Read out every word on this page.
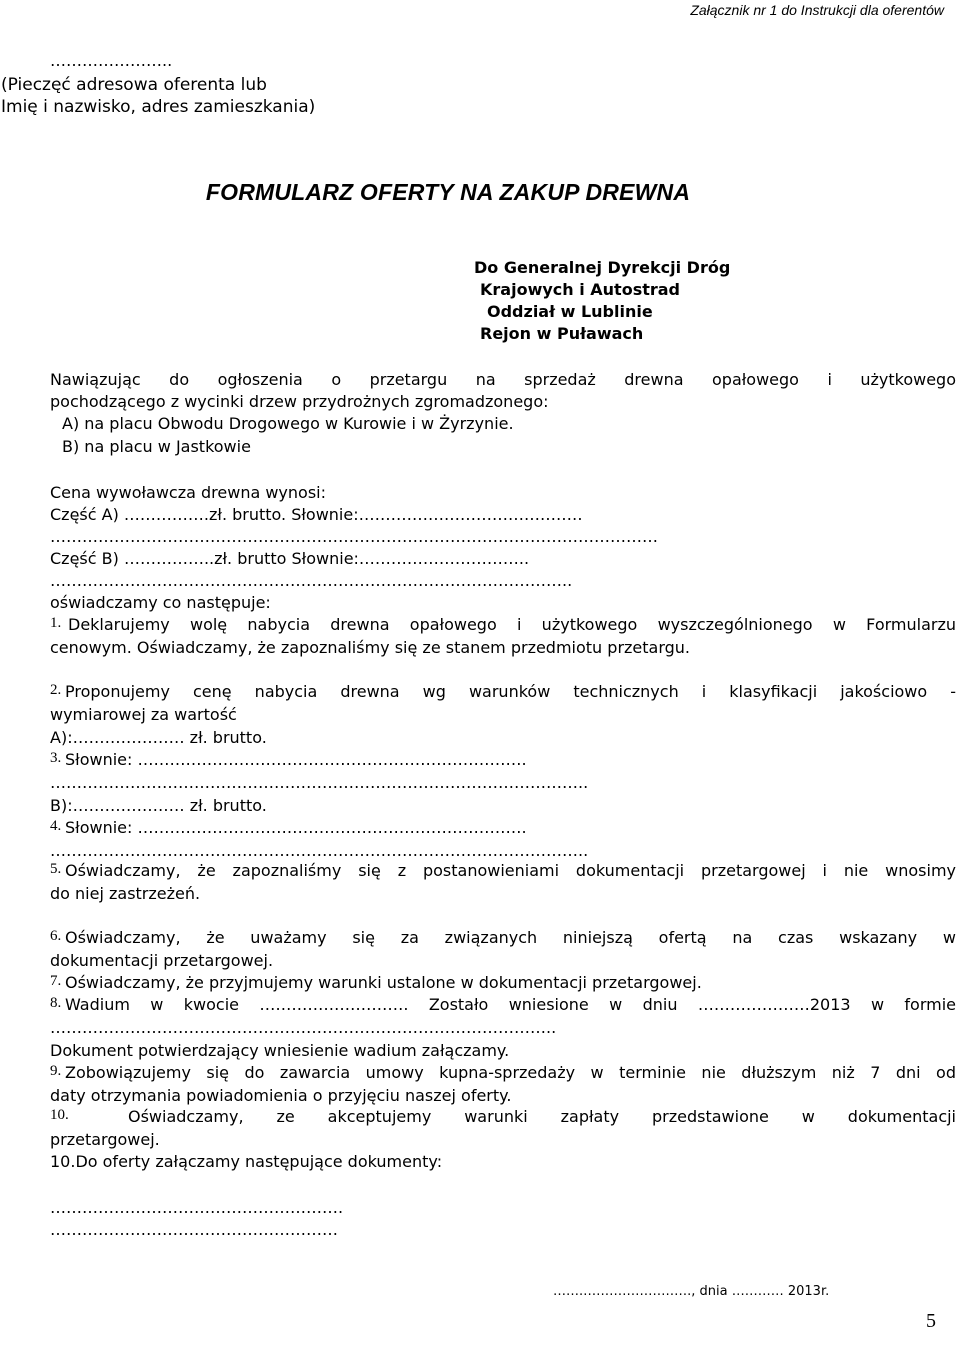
Załącznik nr 1 do Instrukcji dla oferentów
…………………..
(Pieczęć adresowa oferenta lub
Imię i nazwisko, adres zamieszkania)
FORMULARZ OFERTY NA ZAKUP DREWNA
Do Generalnej Dyrekcji Dróg
Krajowych i Autostrad
Oddział w Lublinie
Rejon w Puławach
Nawiązując do ogłoszenia o przetargu na sprzedaż drewna opałowego i użytkowego
pochodzącego z wycinki drzew przydrożnych zgromadzonego:
A) na placu Obwodu Drogowego w Kurowie i w Żyrzynie.
B) na placu w Jastkowie
Cena wywoławcza drewna wynosi:
Część A) …………….zł. brutto. Słownie:……………………………………
……………………………………………………………………………………………………
Część B) ……………..zł. brutto Słownie:…………………………..
……………………………………………………………………………………..
oświadczamy co następuje:
1. Deklarujemy wolę nabycia drewna opałowego i użytkowego wyszczególnionego w Formularzu
cenowym. Oświadczamy, że zapoznaliśmy się ze stanem przedmiotu przetargu.
2. Proponujemy cenę nabycia drewna wg warunków technicznych i klasyfikacji jakościowo -
wymiarowej za wartość
A):………………… zł. brutto.
3. Słownie: ……………………………………………………………….
………………………………………………………………………………………..
B):………………… zł. brutto.
4. Słownie: ……………………………………………………………….
………………………………………………………………………………………..
5. Oświadczamy, że zapoznaliśmy się z postanowieniami dokumentacji przetargowej i nie wnosimy
do niej zastrzeżeń.
6. Oświadczamy, że uważamy się za związanych niniejszą ofertą na czas wskazany w
dokumentacji przetargowej.
7. Oświadczamy, że przyjmujemy warunki ustalone w dokumentacji przetargowej.
8. Wadium w kwocie ………………………. Zostało wniesione w dniu …………………2013 w formie
…………………………………………………………………………………..
Dokument potwierdzający wniesienie wadium załączamy.
9. Zobowiązujemy się do zawarcia umowy kupna-sprzedaży w terminie nie dłuższym niż 7 dni od
daty otrzymania powiadomienia o przyjęciu naszej oferty.
10.	Oświadczamy, ze akceptujemy warunki zapłaty przedstawione w dokumentacji
przetargowej.
10.Do oferty załączamy następujące dokumenty:
……………………………………………….
………………………………………………
…….……………………., dnia ………… 2013r.
5
